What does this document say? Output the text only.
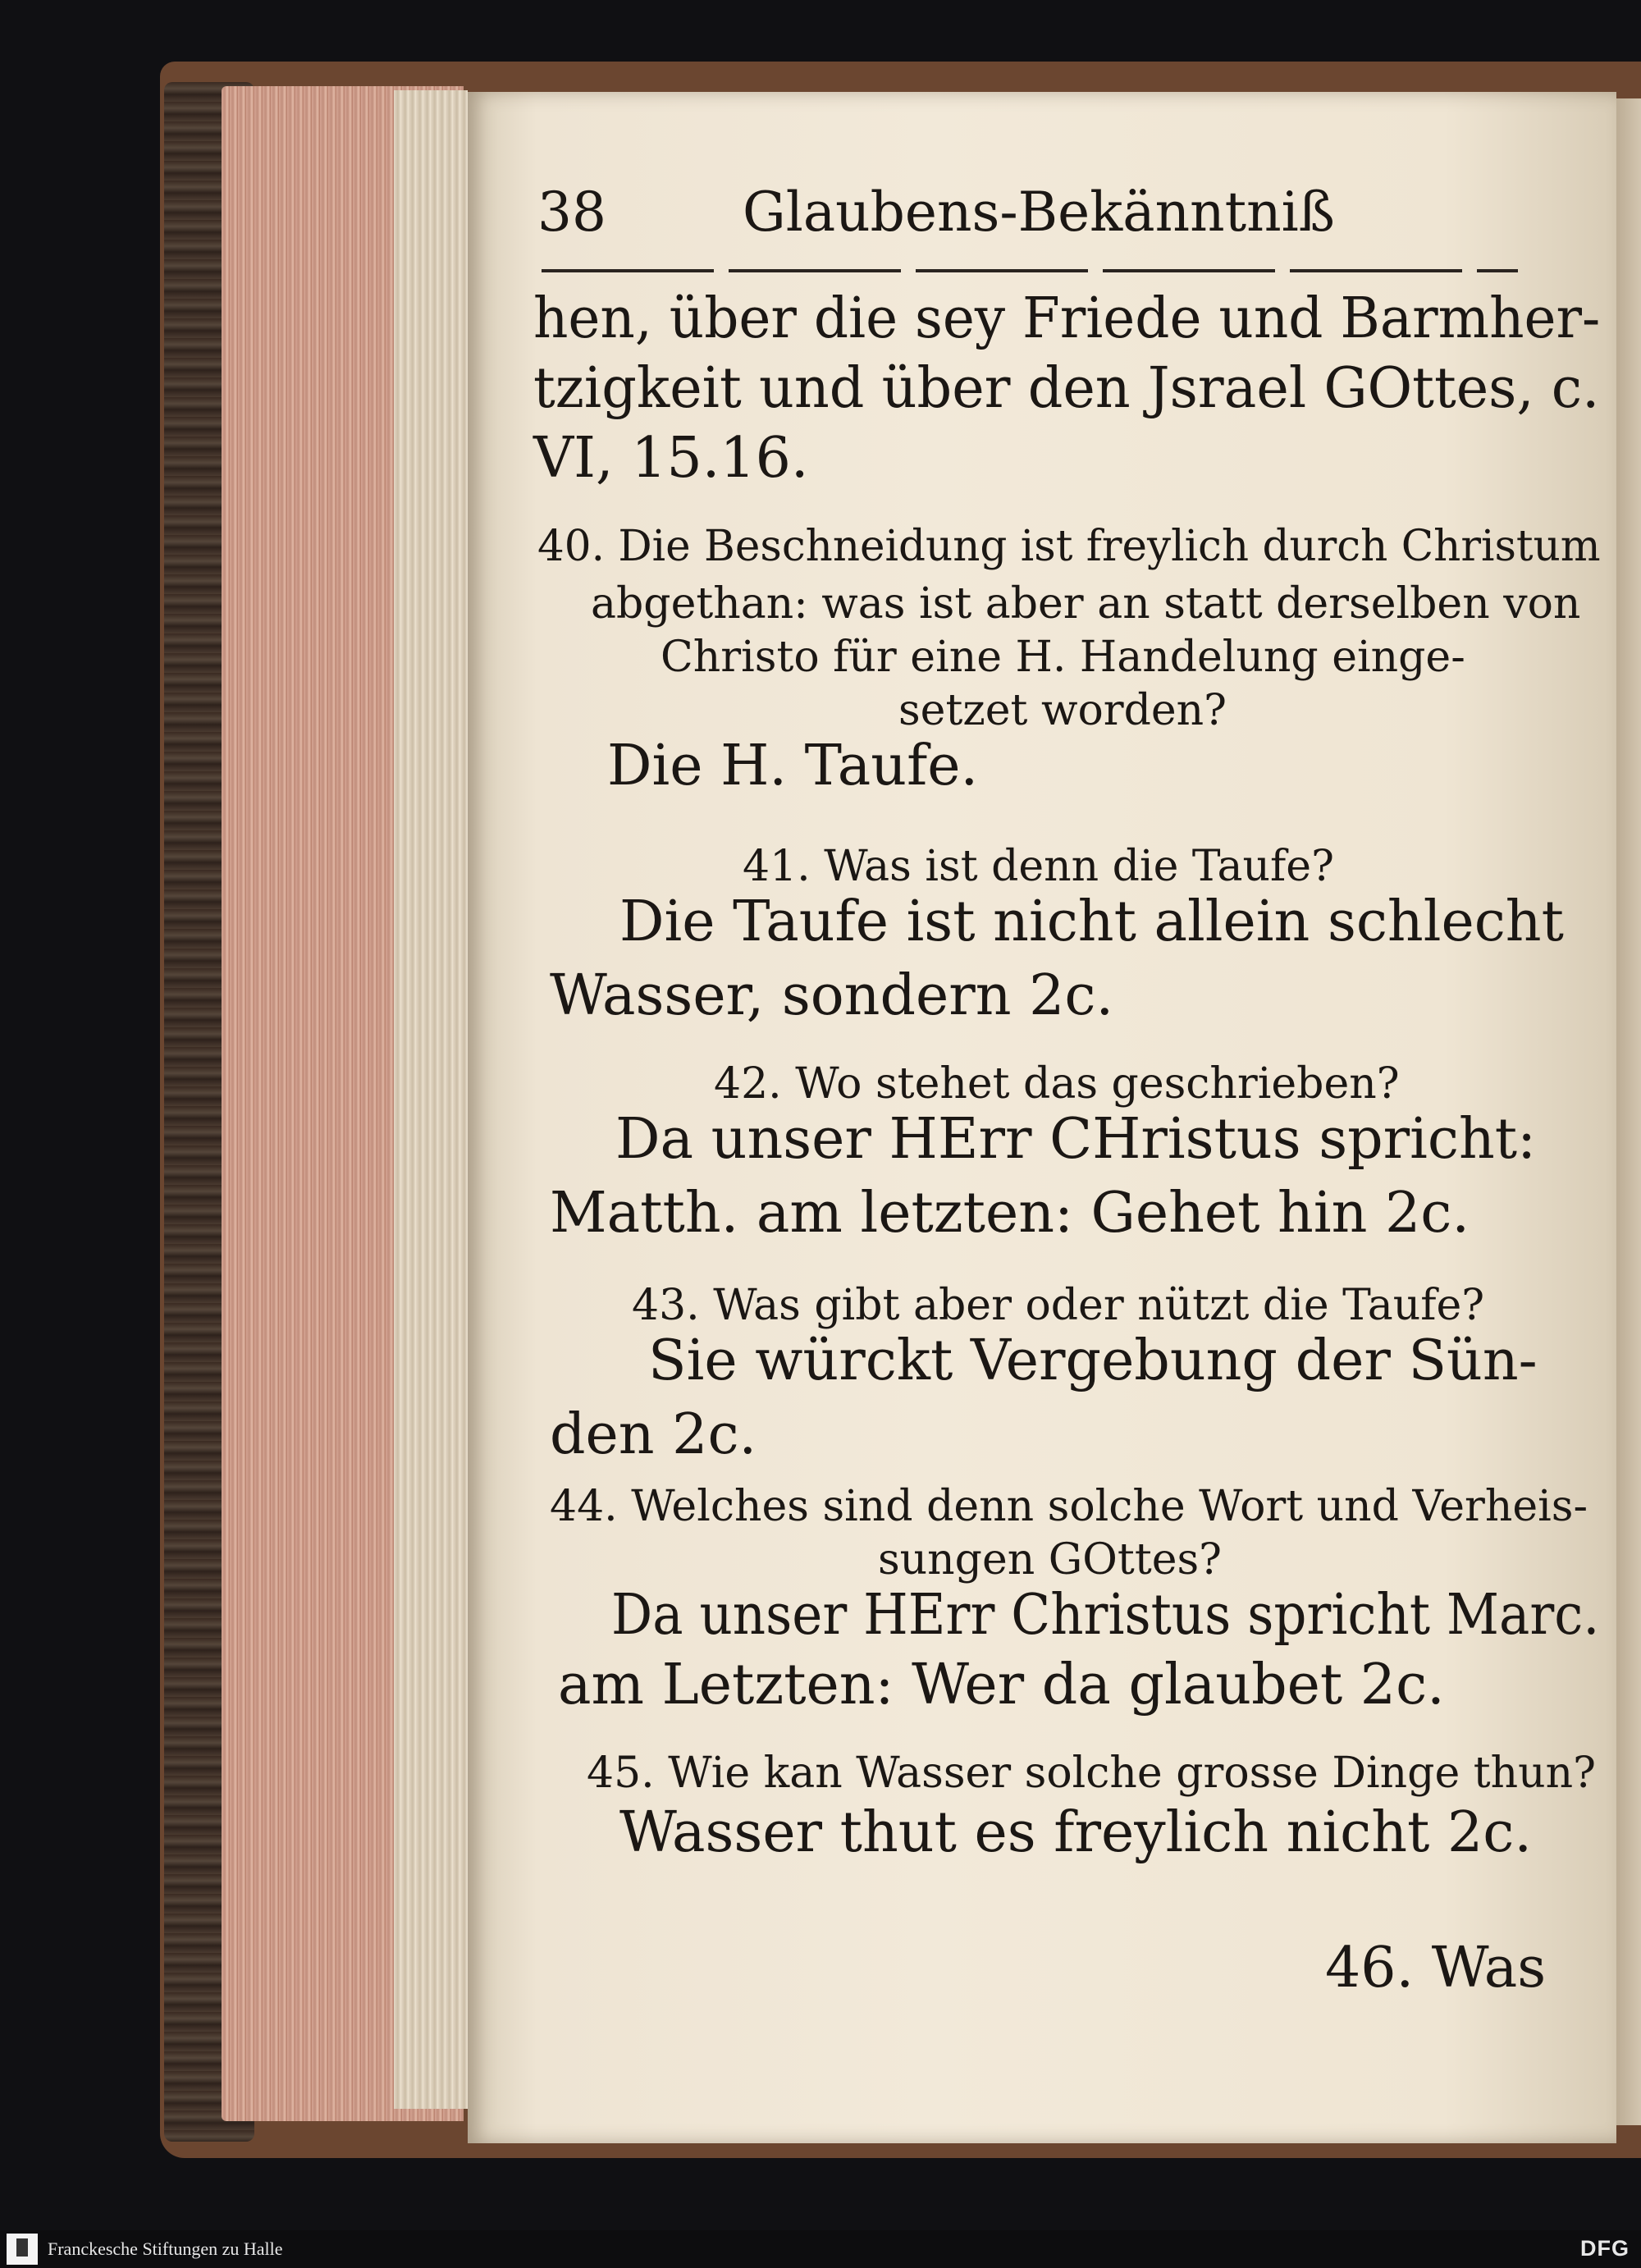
38	Glaubens-Bekänntniß
hen, über die sey Friede und Barmher-
tzigkeit und über den Jsrael GOttes, c.
VI, 15.16.
40. Die Beschneidung ist freylich durch Christum
abgethan: was ist aber an statt derselben von
Christo für eine H. Handelung einge-
setzet worden?
Die H. Taufe.
41. Was ist denn die Taufe?
Die Taufe ist nicht allein schlecht
Wasser, sondern 2c.
42. Wo stehet das geschrieben?
Da unser HErr CHristus spricht:
Matth. am letzten: Gehet hin 2c.
43. Was gibt aber oder nützt die Taufe?
Sie würckt Vergebung der Sün-
den 2c.
44. Welches sind denn solche Wort und Verheis-
sungen GOttes?
Da unser HErr Christus spricht Marc.
am Letzten: Wer da glaubet 2c.
45. Wie kan Wasser solche grosse Dinge thun?
Wasser thut es freylich nicht 2c.
46. Was
Franckesche Stiftungen zu Halle	DFG
